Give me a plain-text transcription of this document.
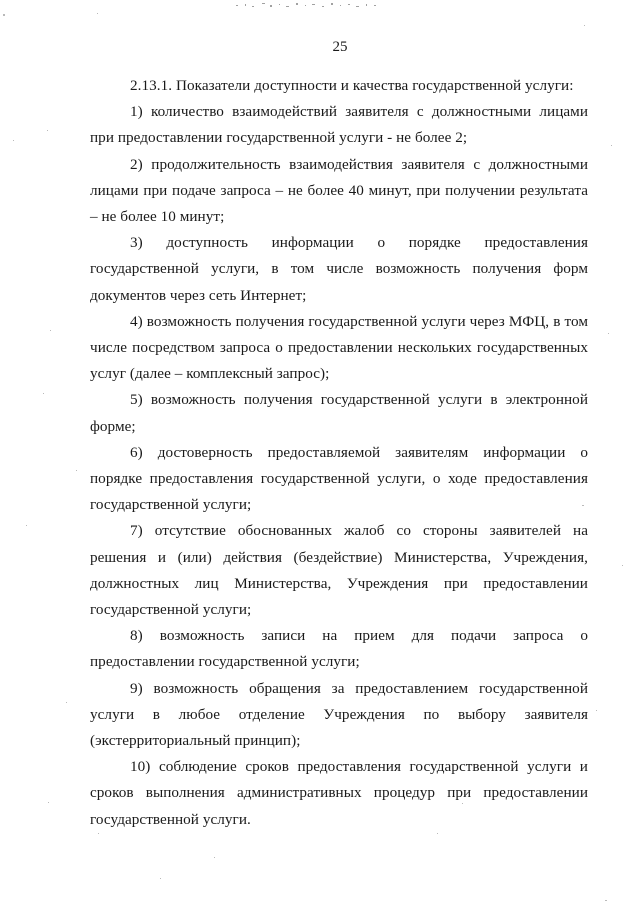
25

2.13.1. Показатели доступности и качества государственной услуги:

1) количество взаимодействий заявителя с должностными лицами при предоставлении государственной услуги - не более 2;

2) продолжительность взаимодействия заявителя с должностными лицами при подаче запроса – не более 40 минут, при получении результата – не более 10 минут;

3) доступность информации о порядке предоставления государственной услуги, в том числе возможность получения форм документов через сеть Интернет;

4) возможность получения государственной услуги через МФЦ, в том числе посредством запроса о предоставлении нескольких государственных услуг (далее – комплексный запрос);

5) возможность получения государственной услуги в электронной форме;

6) достоверность предоставляемой заявителям информации о порядке предоставления государственной услуги, о ходе предоставления государственной услуги;

7) отсутствие обоснованных жалоб со стороны заявителей на решения и (или) действия (бездействие) Министерства, Учреждения, должностных лиц Министерства, Учреждения при предоставлении государственной услуги;

8) возможность записи на прием для подачи запроса о предоставлении государственной услуги;

9) возможность обращения за предоставлением государственной услуги в любое отделение Учреждения по выбору заявителя (экстерриториальный принцип);

10) соблюдение сроков предоставления государственной услуги и сроков выполнения административных процедур при предоставлении государственной услуги.
